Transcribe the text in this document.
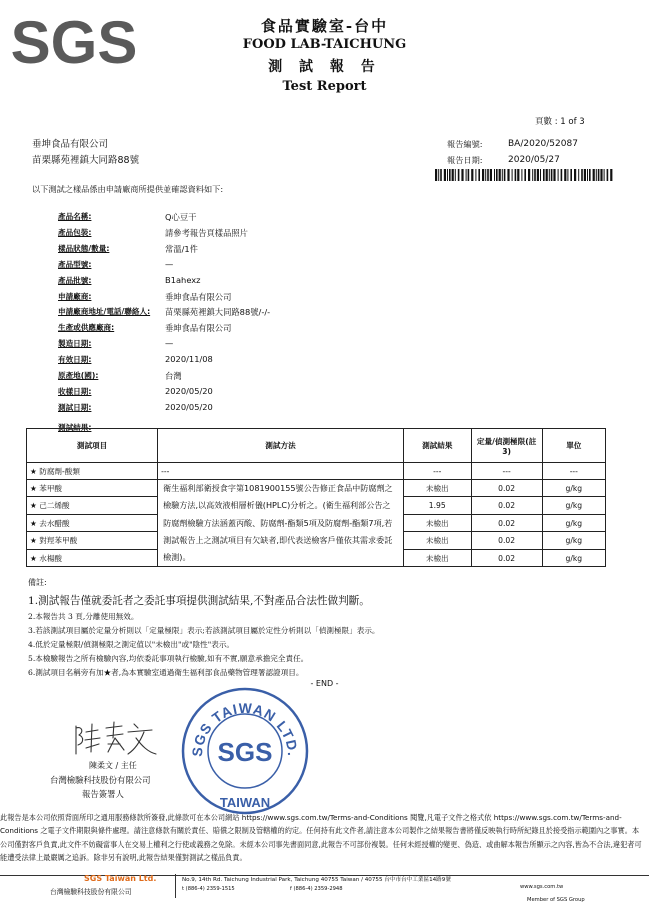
SGS	食品實驗室-台中
FOOD LAB-TAICHUNG
測 試 報 告
Test Report
頁數 : 1 of 3
垂坤食品有限公司
苗栗縣苑裡鎮大同路88號
報告編號:	BA/2020/52087
報告日期:	2020/05/27
以下測試之樣品係由申請廠商所提供並確認資料如下:
產品名稱:	Q心豆干
產品包裝:	請參考報告頁樣品照片
樣品狀態/數量:	常溫/1件
產品型號:	—
產品批號:	B1ahexz
申請廠商:	垂坤食品有限公司
申請廠商地址/電話/聯絡人: 苗栗縣苑裡鎮大同路88號/-/-
生產或供應廠商:	垂坤食品有限公司
製造日期:	—
有效日期:	2020/11/08
原產地(國):	台灣
收樣日期:	2020/05/20
測試日期:	2020/05/20
測試結果:
測試項目	測試方法	測試結果	定量/偵測極限(註3)	單位
★ 防腐劑-酸類	---	---	---	---
★ 苯甲酸	衛生福利部衛授食字第1081900155號公告修正食品中防腐劑之檢驗方法,以高效液相層析儀(HPLC)分析之。(衛生福利部公告之防腐劑檢驗方法涵蓋丙酸、防腐劑-酯類5項及防腐劑-酯類7項,若測試報告上之測試項目有欠缺者,即代表送檢客戶僅依其需求委託檢測)。	未檢出	0.02	g/kg
★ 己二烯酸		1.95	0.02	g/kg
★ 去水醋酸		未檢出	0.02	g/kg
★ 對羥苯甲酸		未檢出	0.02	g/kg
★ 水楊酸		未檢出	0.02	g/kg
備註:
1.測試報告僅就委託者之委託事項提供測試結果,不對產品合法性做判斷。
2.本報告共 3 頁,分離使用無效。
3.若該測試項目屬於定量分析則以「定量極限」表示;若該測試項目屬於定性分析則以「偵測極限」表示。
4.低於定量極限/偵測極限之測定值以"未檢出"或"陰性"表示。
5.本檢驗報告之所有檢驗內容,均依委託事項執行檢驗,如有不實,願意承擔完全責任。
6.測試項目名稱旁有加★者,為本實驗室通過衛生福利部食品藥物管理署認證項目。
- END -
陳柔文 / 主任
台灣檢驗科技股份有限公司
報告簽署人
SGS TAIWAN LTD.
TAIWAN
SGS
此報告是本公司依照背面所印之通用服務條款所簽發,此條款可在本公司網站 https://www.sgs.com.tw/Terms-and-Conditions 閱覽,凡電子文件之格式依 https://www.sgs.com.tw/Terms-and-Conditions 之電子文件期限與條件處理。請注意條款有關於責任、賠償之限制及管轄權的約定。任何持有此文件者,請注意本公司製作之結果報告書將僅反映執行時所紀錄且於接受指示範圍內之事實。本公司僅對客戶負責,此文件不妨礙當事人在交易上權利之行使或義務之免除。未經本公司事先書面同意,此報告不可部份複製。任何未經授權的變更、偽造、或曲解本報告所顯示之內容,皆為不合法,違犯者可能遭受法律上最嚴厲之追訴。除非另有說明,此報告結果僅對測試之樣品負責。
SGS Taiwan Ltd.
台灣檢驗科技股份有限公司
No.9, 14th Rd. Taichung Industrial Park, Taichung 40755 Taiwan / 40755 台中市台中工業區14路9號
t (886-4) 2359-1515	f (886-4) 2359-2948	www.sgs.com.tw
Member of SGS Group
